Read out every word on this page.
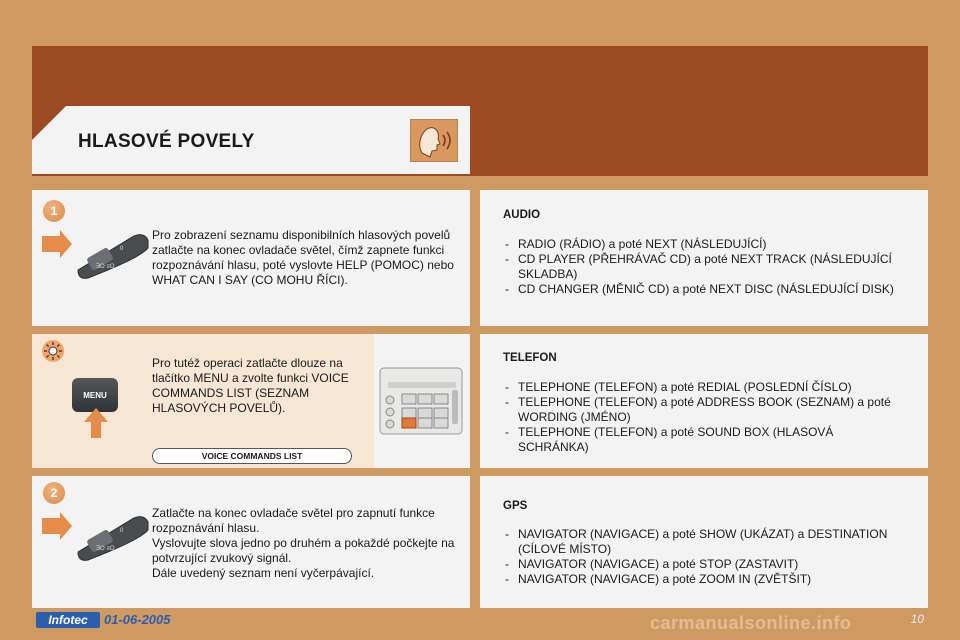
HLASOVÉ POVELY
1
ƎO ≡O
0
Pro zobrazení seznamu disponibilních hlasových povelů zatlačte na konec ovladače světel, čímž zapnete funkci rozpoznávání hlasu, poté vyslovte HELP (POMOC) nebo WHAT CAN I SAY (CO MOHU ŘÍCI).
MENU
Pro tutéž operaci zatlačte dlouze na tlačítko MENU a zvolte funkci VOICE COMMANDS LIST (SEZNAM HLASOVÝCH POVELŮ).
VOICE COMMANDS LIST
2
ƎO ≡O
0
Zatlačte na konec ovladače světel pro zapnutí funkce rozpoznávání hlasu.
Vyslovujte slova jedno po druhém a pokaždé počkejte na potvrzující zvukový signál.
Dále uvedený seznam není vyčerpávající.
AUDIO
- RADIO (RÁDIO) a poté NEXT (NÁSLEDUJÍCÍ)
- CD PLAYER (PŘEHRÁVAČ CD) a poté NEXT TRACK (NÁSLEDUJÍCÍ SKLADBA)
- CD CHANGER (MĚNIČ CD) a poté NEXT DISC (NÁSLEDUJÍCÍ DISK)
TELEFON
- TELEPHONE (TELEFON) a poté REDIAL (POSLEDNÍ ČÍSLO)
- TELEPHONE (TELEFON) a poté ADDRESS BOOK (SEZNAM) a poté WORDING (JMÉNO)
- TELEPHONE (TELEFON) a poté SOUND BOX (HLASOVÁ SCHRÁNKA)
GPS
- NAVIGATOR (NAVIGACE) a poté SHOW (UKÁZAT) a DESTINATION (CÍLOVÉ MÍSTO)
- NAVIGATOR (NAVIGACE) a poté STOP (ZASTAVIT)
- NAVIGATOR (NAVIGACE) a poté ZOOM IN (ZVĚTŠIT)
Infotec	01-06-2005	carmanualsonline.info	10
